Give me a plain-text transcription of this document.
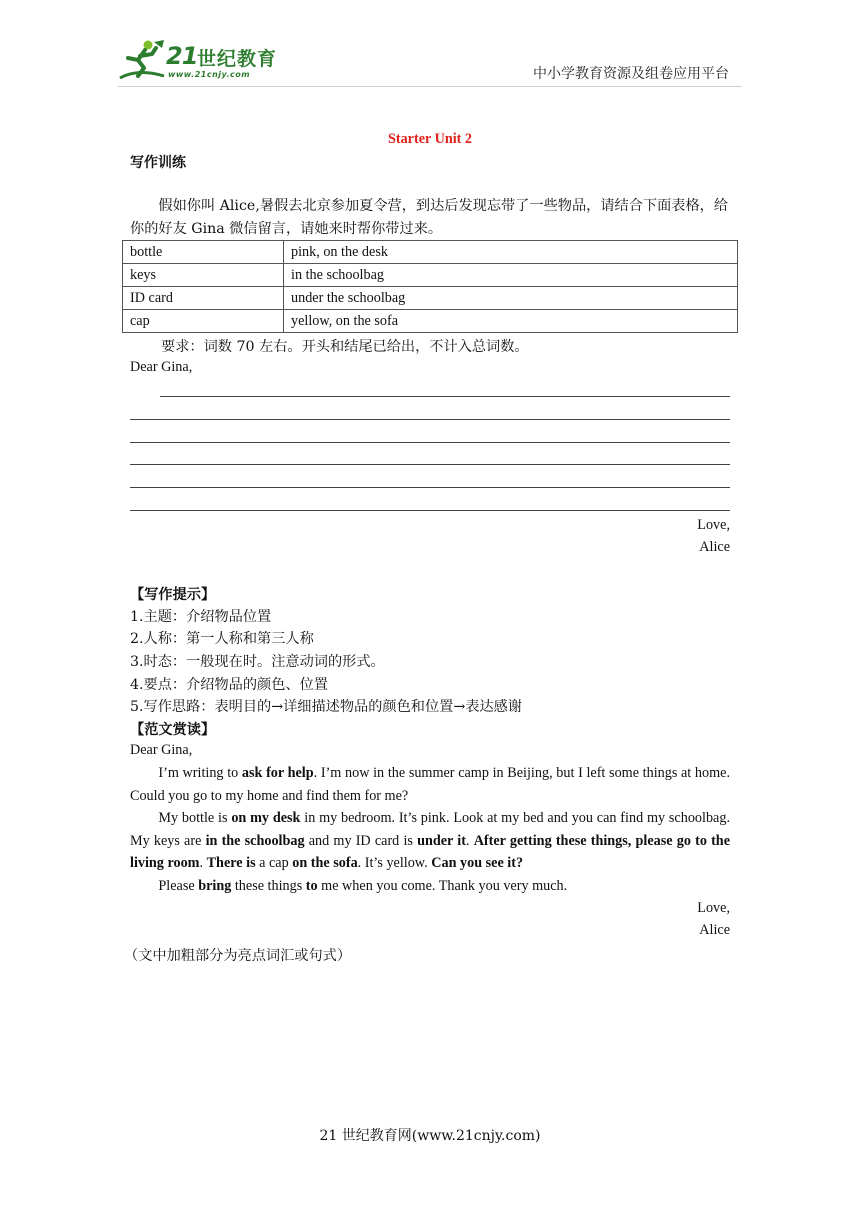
21 世纪教育
www.21cnjy.com	中小学教育资源及组卷应用平台
Starter Unit 2
写作训练
假如你叫 Alice,暑假去北京参加夏令营，到达后发现忘带了一些物品，请结合下面表格，给你的好友 Gina 微信留言，请她来时帮你带过来。
bottle	pink, on the desk
keys	in the schoolbag
ID card	under the schoolbag
cap	yellow, on the sofa
要求：词数 70 左右。开头和结尾已给出，不计入总词数。
Dear Gina,
Love,
Alice
【写作提示】
1.主题：介绍物品位置
2.人称：第一人称和第三人称
3.时态：一般现在时。注意动词的形式。
4.要点：介绍物品的颜色、位置
5.写作思路：表明目的→详细描述物品的颜色和位置→表达感谢
【范文赏读】
Dear Gina,
I’m writing to ask for help. I’m now in the summer camp in Beijing, but I left some things at home. Could you go to my home and find them for me?
My bottle is on my desk in my bedroom. It’s pink. Look at my bed and you can find my schoolbag. My keys are in the schoolbag and my ID card is under it. After getting these things, please go to the living room. There is a cap on the sofa. It’s yellow. Can you see it?
Please bring these things to me when you come. Thank you very much.
Love,
Alice
（文中加粗部分为亮点词汇或句式）
21 世纪教育网(www.21cnjy.com)
